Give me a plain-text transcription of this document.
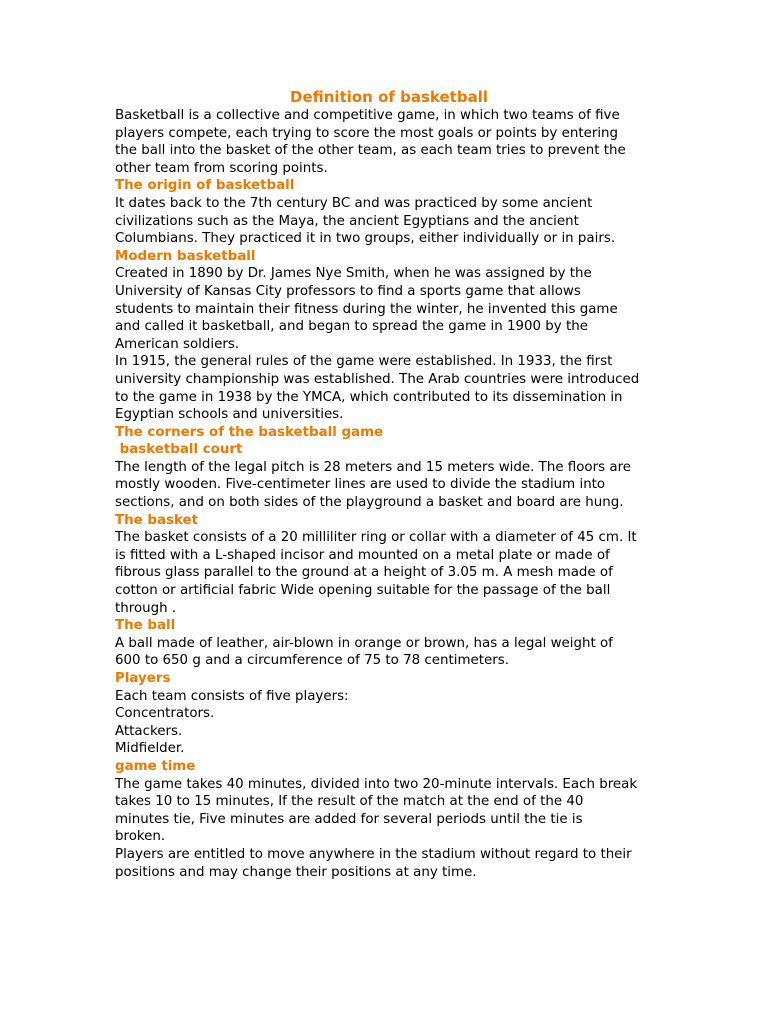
Definition of basketball
Basketball is a collective and competitive game, in which two teams of five
players compete, each trying to score the most goals or points by entering
the ball into the basket of the other team, as each team tries to prevent the
other team from scoring points.
The origin of basketball
It dates back to the 7th century BC and was practiced by some ancient
civilizations such as the Maya, the ancient Egyptians and the ancient
Columbians. They practiced it in two groups, either individually or in pairs.
Modern basketball
Created in 1890 by Dr. James Nye Smith, when he was assigned by the
University of Kansas City professors to find a sports game that allows
students to maintain their fitness during the winter, he invented this game
and called it basketball, and began to spread the game in 1900 by the
American soldiers.
In 1915, the general rules of the game were established. In 1933, the first
university championship was established. The Arab countries were introduced
to the game in 1938 by the YMCA, which contributed to its dissemination in
Egyptian schools and universities.
The corners of the basketball game
basketball court
The length of the legal pitch is 28 meters and 15 meters wide. The floors are
mostly wooden. Five-centimeter lines are used to divide the stadium into
sections, and on both sides of the playground a basket and board are hung.
The basket
The basket consists of a 20 milliliter ring or collar with a diameter of 45 cm. It
is fitted with a L-shaped incisor and mounted on a metal plate or made of
fibrous glass parallel to the ground at a height of 3.05 m. A mesh made of
cotton or artificial fabric Wide opening suitable for the passage of the ball
through .
The ball
A ball made of leather, air-blown in orange or brown, has a legal weight of
600 to 650 g and a circumference of 75 to 78 centimeters.
Players
Each team consists of five players:
Concentrators.
Attackers.
Midfielder.
game time
The game takes 40 minutes, divided into two 20-minute intervals. Each break
takes 10 to 15 minutes, If the result of the match at the end of the 40
minutes tie, Five minutes are added for several periods until the tie is
broken.
Players are entitled to move anywhere in the stadium without regard to their
positions and may change their positions at any time.
